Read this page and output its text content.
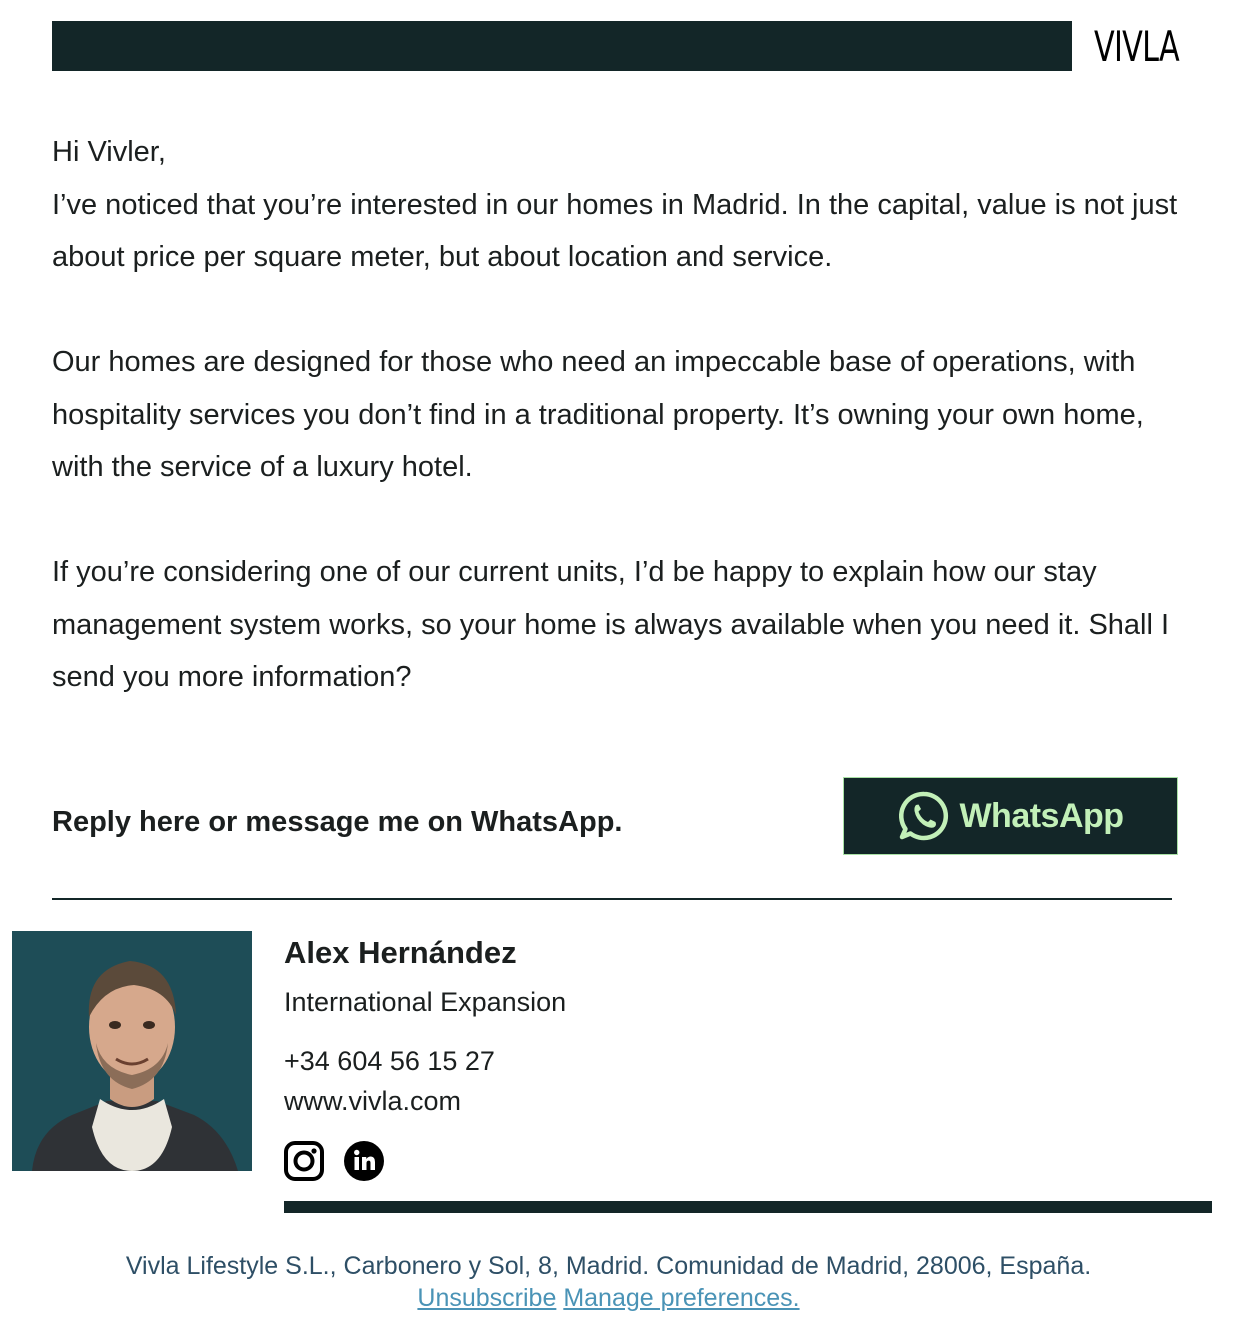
VIVLA

Hi Vivler,
I’ve noticed that you’re interested in our homes in Madrid. In the capital, value is not just about price per square meter, but about location and service.

Our homes are designed for those who need an impeccable base of operations, with hospitality services you don’t find in a traditional property. It’s owning your own home, with the service of a luxury hotel.

If you’re considering one of our current units, I’d be happy to explain how our stay management system works, so your home is always available when you need it. Shall I send you more information?

Reply here or message me on WhatsApp.	WhatsApp
Alex Hernández
International Expansion
+34 604 56 15 27
www.vivla.com
Vivla Lifestyle S.L., Carbonero y Sol, 8, Madrid. Comunidad de Madrid, 28006, España.
Unsubscribe Manage preferences.
